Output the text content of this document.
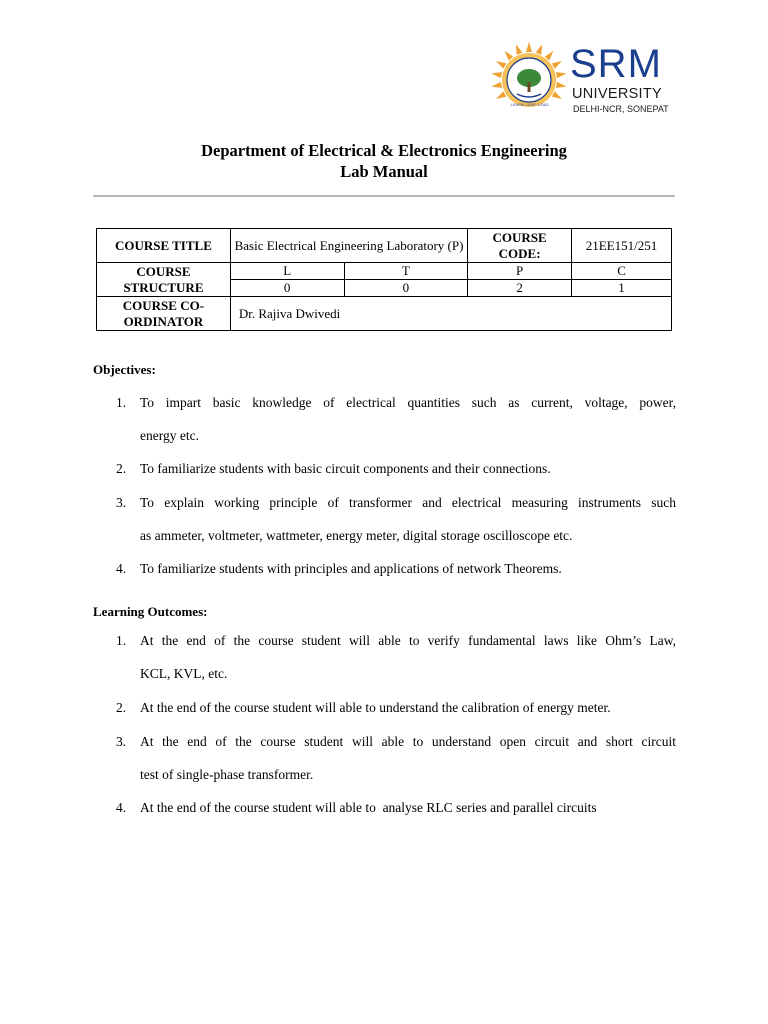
LEARN. LEAP. LEAD.
SRM
UNIVERSITY
DELHI-NCR, SONEPAT
Department of Electrical & Electronics Engineering
Lab Manual
COURSE TITLE	Basic Electrical Engineering Laboratory (P)		COURSE CODE:	21EE151/251
COURSE STRUCTURE	L	T	P	C
	0	0	2	1
COURSE CO-ORDINATOR	Dr. Rajiva Dwivedi			
Objectives:
1. To impart basic knowledge of electrical quantities such as current, voltage, power,
energy etc.
2. To familiarize students with basic circuit components and their connections.
3. To explain working principle of transformer and electrical measuring instruments such
as ammeter, voltmeter, wattmeter, energy meter, digital storage oscilloscope etc.
4. To familiarize students with principles and applications of network Theorems.
Learning Outcomes:
1. At the end of the course student will able to verify fundamental laws like Ohm’s Law,
KCL, KVL, etc.
2. At the end of the course student will able to understand the calibration of energy meter.
3. At the end of the course student will able to understand open circuit and short circuit
test of single-phase transformer.
4. At the end of the course student will able to  analyse RLC series and parallel circuits
